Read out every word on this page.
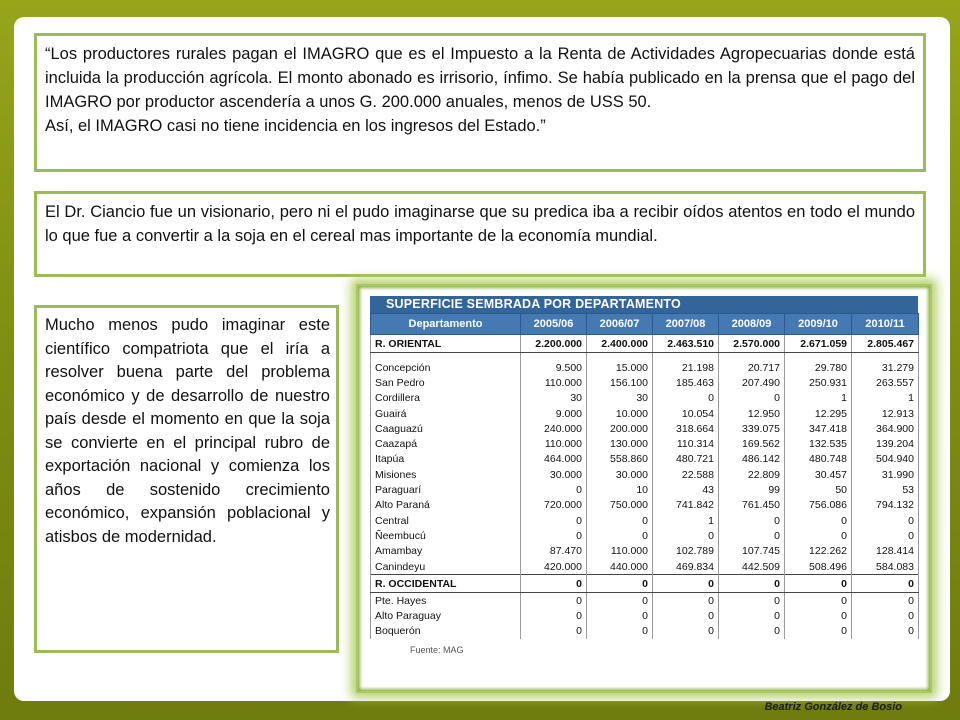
“Los productores rurales pagan el IMAGRO que es el Impuesto a la Renta de Actividades Agropecuarias donde está incluida la producción agrícola. El monto abonado es irrisorio, ínfimo. Se había publicado en la prensa que el pago del IMAGRO por productor ascendería a unos G. 200.000 anuales, menos de USS 50.

Así, el IMAGRO casi no tiene incidencia en los ingresos del Estado.”

El Dr. Ciancio fue un visionario, pero ni el pudo imaginarse que su predica iba a recibir oídos atentos en todo el mundo lo que fue a convertir a la soja en el cereal mas importante de la economía mundial.

Mucho menos pudo imaginar este científico compatriota que el iría a resolver buena parte del problema económico y de desarrollo de nuestro país desde el momento en que la soja se convierte en el principal rubro de exportación nacional y comienza los años de sostenido crecimiento económico, expansión poblacional y atisbos de modernidad.

SUPERFICIE SEMBRADA POR DEPARTAMENTO
Departamento	2005/06	2006/07	2007/08	2008/09	2009/10	2010/11
R. ORIENTAL	2.200.000	2.400.000	2.463.510	2.570.000	2.671.059	2.805.467

Concepción	9.500	15.000	21.198	20.717	29.780	31.279
San Pedro	110.000	156.100	185.463	207.490	250.931	263.557
Cordillera	30	30	0	0	1	1
Guairá	9.000	10.000	10.054	12.950	12.295	12.913
Caaguazú	240.000	200.000	318.664	339.075	347.418	364.900
Caazapá	110.000	130.000	110.314	169.562	132.535	139.204
Itapúa	464.000	558.860	480.721	486.142	480.748	504.940
Misiones	30.000	30.000	22.588	22.809	30.457	31.990
Paraguarí	0	10	43	99	50	53
Alto Paraná	720.000	750.000	741.842	761.450	756.086	794.132
Central	0	0	1	0	0	0
Ñeembucú	0	0	0	0	0	0
Amambay	87.470	110.000	102.789	107.745	122.262	128.414
Canindeyu	420.000	440.000	469.834	442.509	508.496	584.083
R. OCCIDENTAL	0	0	0	0	0	0
Pte. Hayes	0	0	0	0	0	0
Alto Paraguay	0	0	0	0	0	0
Boquerón	0	0	0	0	0	0
Fuente: MAG
Beatriz González de Bosio
